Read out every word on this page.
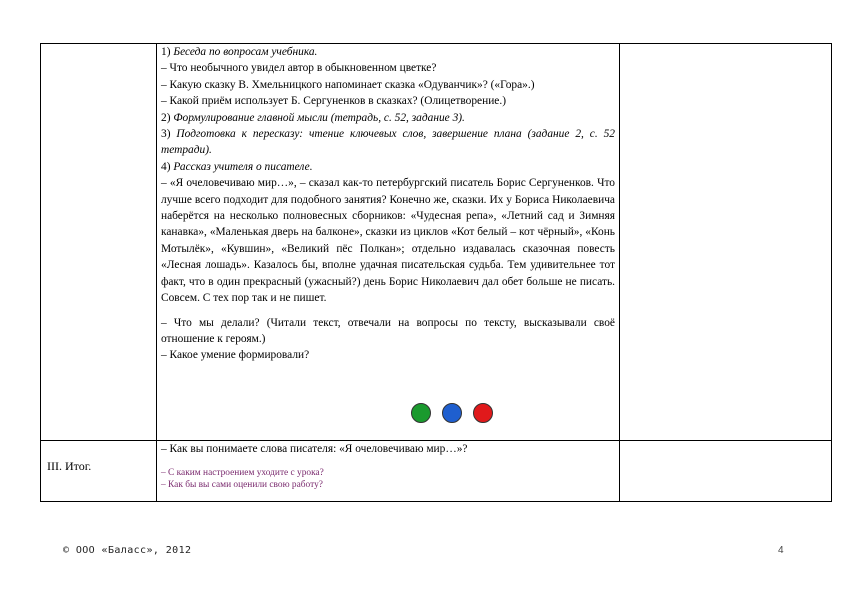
1) Беседа по вопросам учебника.

– Что необычного увидел автор в обыкновенном цветке?

– Какую сказку В. Хмельницкого напоминает сказка «Одуванчик»? («Гора».)

– Какой приём использует Б. Сергуненков в сказках? (Олицетворение.)

2) Формулирование главной мысли (тетрадь, с. 52, задание 3).

3) Подготовка к пересказу: чтение ключевых слов, завершение плана (задание 2, с. 52 тетради).

4) Рассказ учителя о писателе.

– «Я очеловечиваю мир…», – сказал как-то петербургский писатель Борис Сергуненков. Что лучше всего подходит для подобного занятия? Конечно же, сказки. Их у Бориса Николаевича наберётся на несколько полновесных сборников: «Чудесная репа», «Летний сад и Зимняя канавка», «Маленькая дверь на балконе», сказки из циклов «Кот белый – кот чёрный», «Конь Мотылёк», «Кувшин», «Великий пёс Полкан»; отдельно издавалась сказочная повесть «Лесная лошадь». Казалось бы, вполне удачная писательская судьба. Тем удивительнее тот факт, что в один прекрасный (ужасный?) день Борис Николаевич дал обет больше не писать. Совсем. С тех пор так и не пишет.

– Что мы делали? (Читали текст, отвечали на вопросы по тексту, высказывали своё отношение к героям.)

– Какое умение формировали?

III. Итог.

– Как вы понимаете слова писателя: «Я очеловечиваю мир…»?

– С каким настроением уходите с урока?

– Как бы вы сами оценили свою работу?

© ООО «Баласс», 2012	4
